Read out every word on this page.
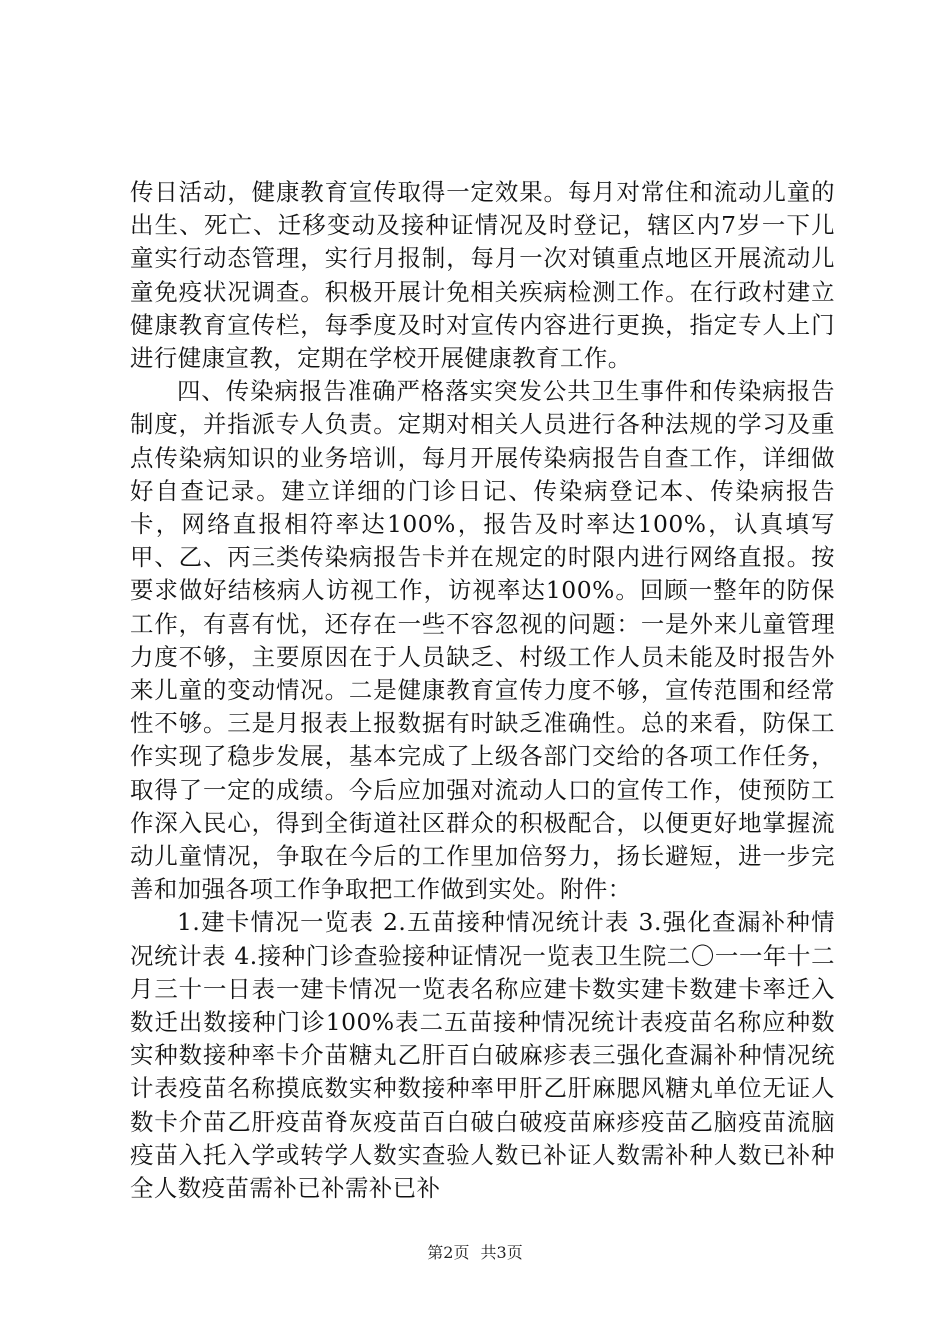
传日活动，健康教育宣传取得一定效果。每月对常住和流动儿童的出生、死亡、迁移变动及接种证情况及时登记，辖区内7岁一下儿童实行动态管理，实行月报制，每月一次对镇重点地区开展流动儿童免疫状况调查。积极开展计免相关疾病检测工作。在行政村建立健康教育宣传栏，每季度及时对宣传内容进行更换，指定专人上门进行健康宣教，定期在学校开展健康教育工作。

四、传染病报告准确严格落实突发公共卫生事件和传染病报告制度，并指派专人负责。定期对相关人员进行各种法规的学习及重点传染病知识的业务培训，每月开展传染病报告自查工作，详细做好自查记录。建立详细的门诊日记、传染病登记本、传染病报告卡，网络直报相符率达100%，报告及时率达100%，认真填写甲、乙、丙三类传染病报告卡并在规定的时限内进行网络直报。按要求做好结核病人访视工作，访视率达100%。回顾一整年的防保工作，有喜有忧，还存在一些不容忽视的问题：一是外来儿童管理力度不够，主要原因在于人员缺乏、村级工作人员未能及时报告外来儿童的变动情况。二是健康教育宣传力度不够，宣传范围和经常性不够。三是月报表上报数据有时缺乏准确性。总的来看，防保工作实现了稳步发展，基本完成了上级各部门交给的各项工作任务，取得了一定的成绩。今后应加强对流动人口的宣传工作，使预防工作深入民心，得到全街道社区群众的积极配合，以便更好地掌握流动儿童情况，争取在今后的工作里加倍努力，扬长避短，进一步完善和加强各项工作争取把工作做到实处。附件：

1.建卡情况一览表 2.五苗接种情况统计表 3.强化查漏补种情况统计表 4.接种门诊查验接种证情况一览表卫生院二〇一一年十二月三十一日表一建卡情况一览表名称应建卡数实建卡数建卡率迁入数迁出数接种门诊100%表二五苗接种情况统计表疫苗名称应种数实种数接种率卡介苗糖丸乙肝百白破麻疹表三强化查漏补种情况统计表疫苗名称摸底数实种数接种率甲肝乙肝麻腮风糖丸单位无证人数卡介苗乙肝疫苗脊灰疫苗百白破白破疫苗麻疹疫苗乙脑疫苗流脑疫苗入托入学或转学人数实查验人数已补证人数需补种人数已补种全人数疫苗需补已补需补已补

第2页 共3页
